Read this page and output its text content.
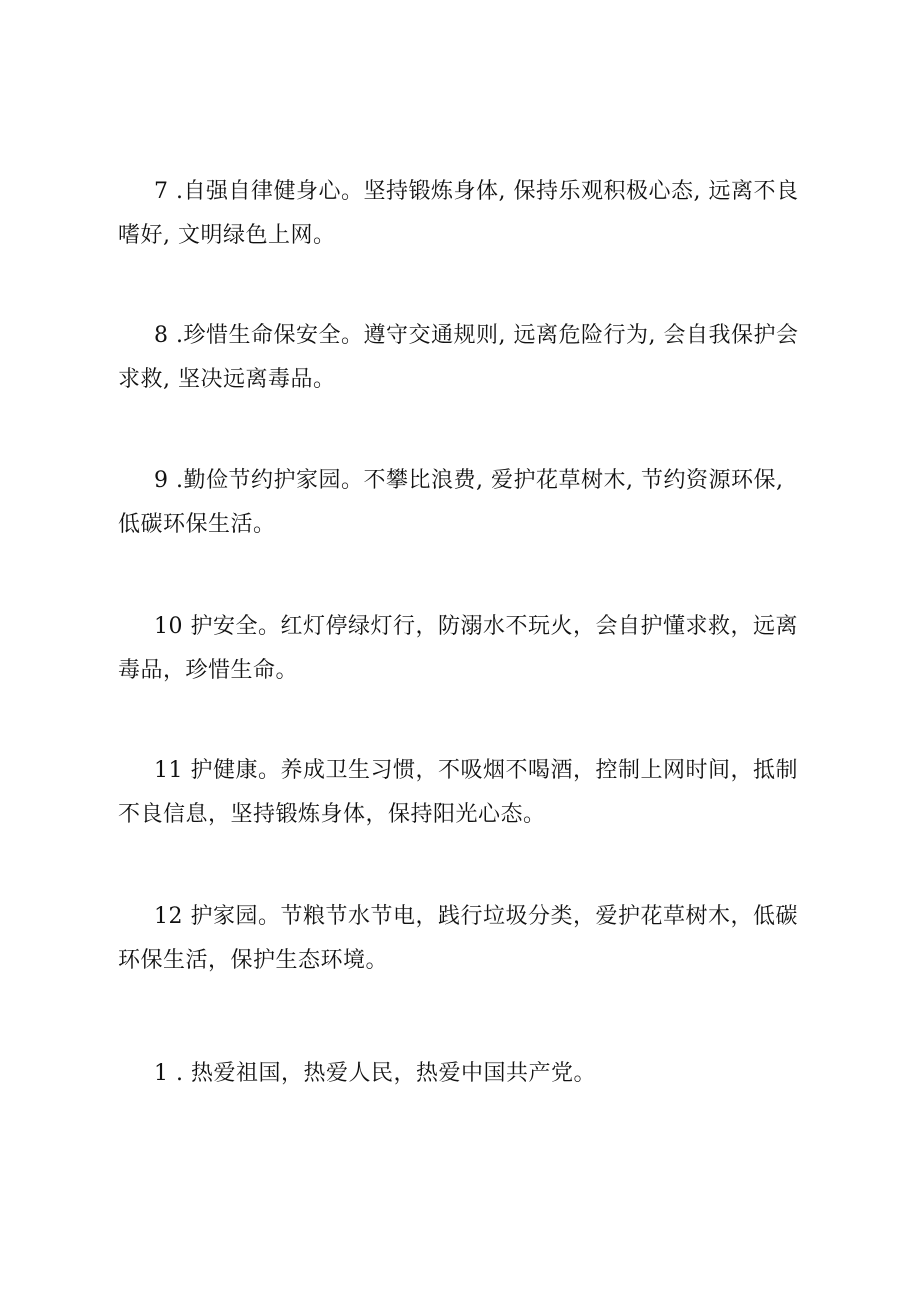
7 .自强自律健身心。坚持锻炼身体, 保持乐观积极心态, 远离不良
嗜好, 文明绿色上网。
8 .珍惜生命保安全。遵守交通规则, 远离危险行为, 会自我保护会
求救, 坚决远离毒品。
9 .勤俭节约护家园。不攀比浪费, 爱护花草树木, 节约资源环保,
低碳环保生活。
10 护安全。红灯停绿灯行，防溺水不玩火，会自护懂求救，远离
毒品，珍惜生命。
11 护健康。养成卫生习惯，不吸烟不喝酒，控制上网时间，抵制
不良信息，坚持锻炼身体，保持阳光心态。
12 护家园。节粮节水节电，践行垃圾分类，爱护花草树木，低碳
环保生活，保护生态环境。
1 . 热爱祖国，热爱人民，热爱中国共产党。
